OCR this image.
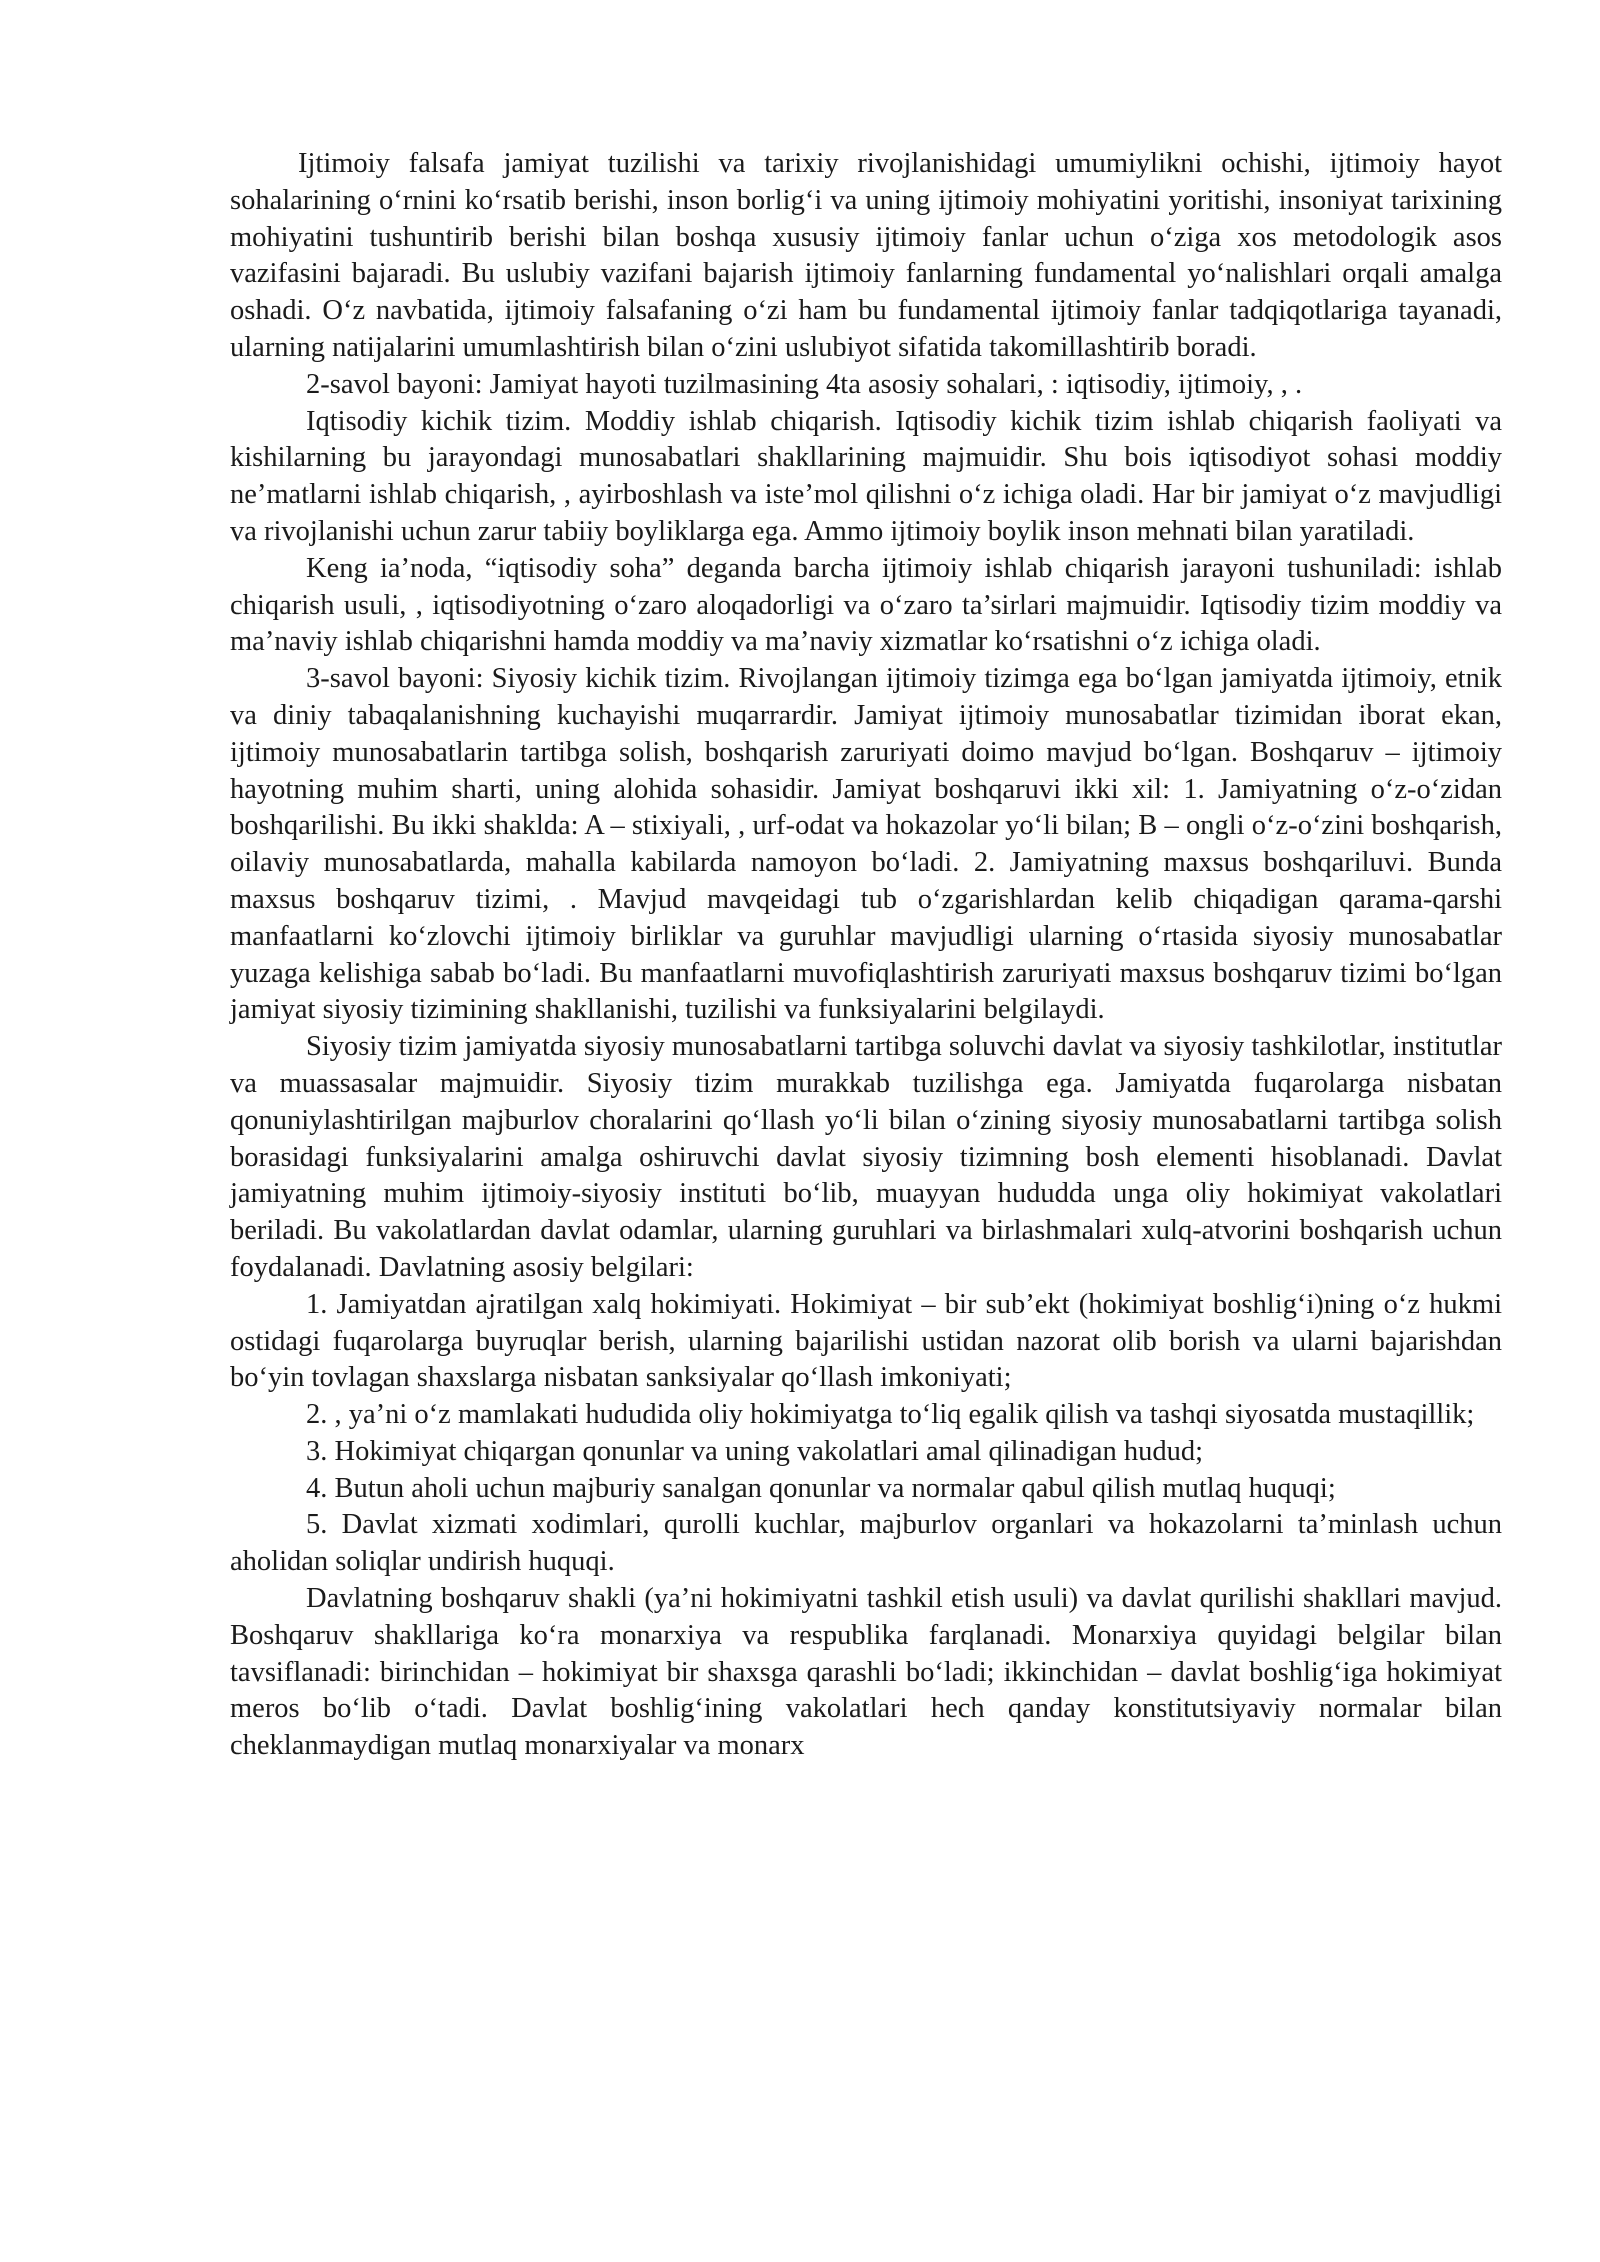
Ijtimoiy falsafa jamiyat tuzilishi va tarixiy rivojlanishidagi umumiylikni ochishi, ijtimoiy hayot sohalarining o‘rnini ko‘rsatib berishi, inson borlig‘i va uning ijtimoiy mohiyatini yoritishi, insoniyat tarixining mohiyatini tushuntirib berishi bilan boshqa xususiy ijtimoiy fanlar uchun o‘ziga xos metodologik asos vazifasini bajaradi. Bu uslubiy vazifani bajarish ijtimoiy fanlarning fundamental yo‘nalishlari orqali amalga oshadi. O‘z navbatida, ijtimoiy falsafaning o‘zi ham bu fundamental ijtimoiy fanlar tadqiqotlariga tayanadi, ularning natijalarini umumlashtirish bilan o‘zini uslubiyot sifatida takomillashtirib boradi.

2-savol bayoni: Jamiyat hayoti tuzilmasining 4ta asosiy sohalari, : iqtisodiy, ijtimoiy, , .

Iqtisodiy kichik tizim. Moddiy ishlab chiqarish. Iqtisodiy kichik tizim ishlab chiqarish faoliyati va kishilarning bu jarayondagi munosabatlari shakllarining majmuidir. Shu bois iqtisodiyot sohasi moddiy ne’matlarni ishlab chiqarish, , ayirboshlash va iste’mol qilishni o‘z ichiga oladi. Har bir jamiyat o‘z mavjudligi va rivojlanishi uchun zarur tabiiy boyliklarga ega. Ammo ijtimoiy boylik inson mehnati bilan yaratiladi.

Keng ia’noda, “iqtisodiy soha” deganda barcha ijtimoiy ishlab chiqarish jarayoni tushuniladi: ishlab chiqarish usuli, , iqtisodiyotning o‘zaro aloqadorligi va o‘zaro ta’sirlari majmuidir. Iqtisodiy tizim moddiy va ma’naviy ishlab chiqarishni hamda moddiy va ma’naviy xizmatlar ko‘rsatishni o‘z ichiga oladi.

3-savol bayoni: Siyosiy kichik tizim. Rivojlangan ijtimoiy tizimga ega bo‘lgan jamiyatda ijtimoiy, etnik va diniy tabaqalanishning kuchayishi muqarrardir. Jamiyat ijtimoiy munosabatlar tizimidan iborat ekan, ijtimoiy munosabatlarin tartibga solish, boshqarish zaruriyati doimo mavjud bo‘lgan. Boshqaruv – ijtimoiy hayotning muhim sharti, uning alohida sohasidir. Jamiyat boshqaruvi ikki xil: 1. Jamiyatning o‘z-o‘zidan boshqarilishi. Bu ikki shaklda: A – stixiyali, , urf-odat va hokazolar yo‘li bilan; B – ongli o‘z-o‘zini boshqarish, oilaviy munosabatlarda, mahalla kabilarda namoyon bo‘ladi. 2. Jamiyatning maxsus boshqariluvi. Bunda maxsus boshqaruv tizimi, . Mavjud mavqeidagi tub o‘zgarishlardan kelib chiqadigan qarama-qarshi manfaatlarni ko‘zlovchi ijtimoiy birliklar va guruhlar mavjudligi ularning o‘rtasida siyosiy munosabatlar yuzaga kelishiga sabab bo‘ladi. Bu manfaatlarni muvofiqlashtirish zaruriyati maxsus boshqaruv tizimi bo‘lgan jamiyat siyosiy tizimining shakllanishi, tuzilishi va funksiyalarini belgilaydi.

Siyosiy tizim jamiyatda siyosiy munosabatlarni tartibga soluvchi davlat va siyosiy tashkilotlar, institutlar va muassasalar majmuidir. Siyosiy tizim murakkab tuzilishga ega. Jamiyatda fuqarolarga nisbatan qonuniylashtirilgan majburlov choralarini qo‘llash yo‘li bilan o‘zining siyosiy munosabatlarni tartibga solish borasidagi funksiyalarini amalga oshiruvchi davlat siyosiy tizimning bosh elementi hisoblanadi. Davlat jamiyatning muhim ijtimoiy-siyosiy instituti bo‘lib, muayyan hududda unga oliy hokimiyat vakolatlari beriladi. Bu vakolatlardan davlat odamlar, ularning guruhlari va birlashmalari xulq-atvorini boshqarish uchun foydalanadi. Davlatning asosiy belgilari:

1. Jamiyatdan ajratilgan xalq hokimiyati. Hokimiyat – bir sub’ekt (hokimiyat boshlig‘i)ning o‘z hukmi ostidagi fuqarolarga buyruqlar berish, ularning bajarilishi ustidan nazorat olib borish va ularni bajarishdan bo‘yin tovlagan shaxslarga nisbatan sanksiyalar qo‘llash imkoniyati;

2. , ya’ni o‘z mamlakati hududida oliy hokimiyatga to‘liq egalik qilish va tashqi siyosatda mustaqillik;

3. Hokimiyat chiqargan qonunlar va uning vakolatlari amal qilinadigan hudud;

4. Butun aholi uchun majburiy sanalgan qonunlar va normalar qabul qilish mutlaq huquqi;

5. Davlat xizmati xodimlari, qurolli kuchlar, majburlov organlari va hokazolarni ta’minlash uchun aholidan soliqlar undirish huquqi.

Davlatning boshqaruv shakli (ya’ni hokimiyatni tashkil etish usuli) va davlat qurilishi shakllari mavjud. Boshqaruv shakllariga ko‘ra monarxiya va respublika farqlanadi. Monarxiya quyidagi belgilar bilan tavsiflanadi: birinchidan – hokimiyat bir shaxsga qarashli bo‘ladi; ikkinchidan – davlat boshlig‘iga hokimiyat meros bo‘lib o‘tadi. Davlat boshlig‘ining vakolatlari hech qanday konstitutsiyaviy normalar bilan cheklanmaydigan mutlaq monarxiyalar va monarx
